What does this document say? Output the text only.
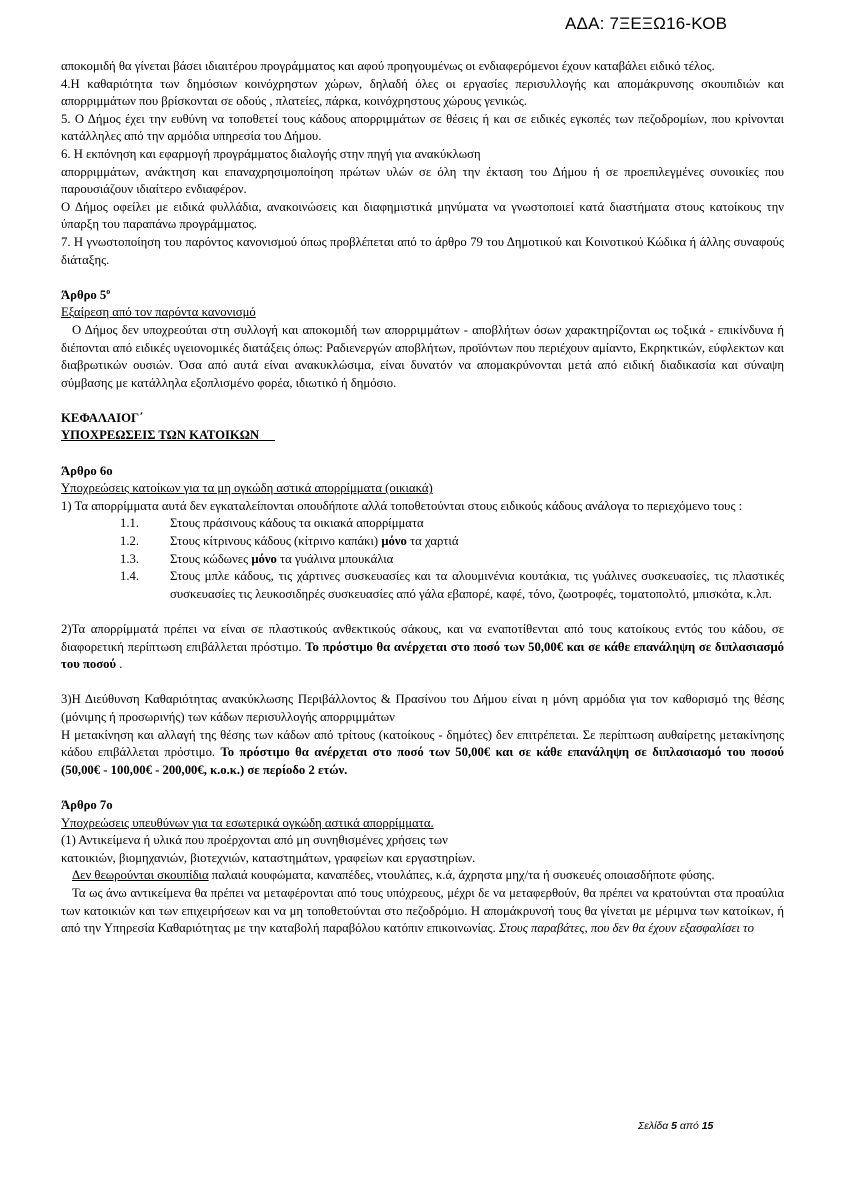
ΑΔΑ: 7ΞΕΞΩ16-ΚΟΒ

αποκομιδή θα γίνεται βάσει ιδιαιτέρου προγράμματος και αφού προηγουμένως οι ενδιαφερόμενοι έχουν καταβάλει ειδικό τέλος.

4.Η καθαριότητα των δημόσιων κοινόχρηστων χώρων, δηλαδή όλες οι εργασίες περισυλλογής και απομάκρυνσης σκουπιδιών και απορριμμάτων που βρίσκονται σε οδούς , πλατείες, πάρκα, κοινόχρηστους χώρους γενικώς.

5. Ο Δήμος έχει την ευθύνη να τοποθετεί τους κάδους απορριμμάτων σε θέσεις ή και σε ειδικές εγκοπές των πεζοδρομίων, που κρίνονται κατάλληλες από την αρμόδια υπηρεσία του Δήμου.

6. Η εκπόνηση και εφαρμογή προγράμματος διαλογής στην πηγή για ανακύκλωση

απορριμμάτων, ανάκτηση και επαναχρησιμοποίηση πρώτων υλών σε όλη την έκταση του Δήμου ή σε προεπιλεγμένες συνοικίες που παρουσιάζουν ιδιαίτερο ενδιαφέρον.

Ο Δήμος οφείλει με ειδικά φυλλάδια, ανακοινώσεις και διαφημιστικά μηνύματα να γνωστοποιεί κατά διαστήματα στους κατοίκους την ύπαρξη του παραπάνω προγράμματος.

7. Η γνωστοποίηση του παρόντος κανονισμού όπως προβλέπεται από το άρθρο 79 του Δημοτικού και Κοινοτικού Κώδικα ή άλλης συναφούς διάταξης.

Άρθρο $5^o$

Εξαίρεση από τον παρόντα κανονισμό

Ο Δήμος δεν υποχρεούται στη συλλογή και αποκομιδή των απορριμμάτων - αποβλήτων όσων χαρακτηρίζονται ως τοξικά - επικίνδυνα ή διέπονται από ειδικές υγειονομικές διατάξεις όπως: Ραδιενεργών αποβλήτων, προϊόντων που περιέχουν αμίαντο, Εκρηκτικών, εύφλεκτων και διαβρωτικών ουσιών. Όσα από αυτά είναι ανακυκλώσιμα, είναι δυνατόν να απομακρύνονται μετά από ειδική διαδικασία και σύναψη σύμβασης με κατάλληλα εξοπλισμένο φορέα, ιδιωτικό ή δημόσιο.

ΚΕΦΑΛΑΙΟΓ΄

ΥΠΟΧΡΕΩΣΕΙΣ ΤΩΝ ΚΑΤΟΙΚΩΝ

Άρθρο 6ο

Υποχρεώσεις κατοίκων για τα μη ογκώδη αστικά απορρίμματα (οικιακά)

1) Τα απορρίμματα αυτά δεν εγκαταλείπονται οπουδήποτε αλλά τοποθετούνται στους ειδικούς κάδους ανάλογα το περιεχόμενο τους :

1.1.	Στους πράσινους κάδους τα οικιακά απορρίμματα
1.2.	Στους κίτρινους κάδους (κίτρινο καπάκι) μόνο τα χαρτιά
1.3.	Στους κώδωνες μόνο τα γυάλινα μπουκάλια
1.4.	Στους μπλε κάδους, τις χάρτινες συσκευασίες και τα αλουμινένια κουτάκια, τις γυάλινες συσκευασίες, τις πλαστικές συσκευασίες τις λευκοσιδηρές συσκευασίες από γάλα εβαπορέ, καφέ, τόνο, ζωοτροφές, τοματοπολτό, μπισκότα, κ.λπ.

2)Τα απορρίμματά πρέπει να είναι σε πλαστικούς ανθεκτικούς σάκους, και να εναποτίθενται από τους κατοίκους εντός του κάδου, σε διαφορετική περίπτωση επιβάλλεται πρόστιμο. Το πρόστιμο θα ανέρχεται στο ποσό των 50,00€ και σε κάθε επανάληψη σε διπλασιασμό του ποσού .

3)Η Διεύθυνση Καθαριότητας ανακύκλωσης Περιβάλλοντος & Πρασίνου του Δήμου είναι η μόνη αρμόδια για τον καθορισμό της θέσης (μόνιμης ή προσωρινής) των κάδων περισυλλογής απορριμμάτων

Η μετακίνηση και αλλαγή της θέσης των κάδων από τρίτους (κατοίκους - δημότες) δεν επιτρέπεται. Σε περίπτωση αυθαίρετης μετακίνησης κάδου επιβάλλεται πρόστιμο. Το πρόστιμο θα ανέρχεται στο ποσό των 50,00€ και σε κάθε επανάληψη σε διπλασιασμό του ποσού (50,00€ - 100,00€ - 200,00€, κ.ο.κ.) σε περίοδο 2 ετών.

Άρθρο 7ο

Υποχρεώσεις υπευθύνων για τα εσωτερικά ογκώδη αστικά απορρίμματα.

(1) Αντικείμενα ή υλικά που προέρχονται από μη συνηθισμένες χρήσεις των

κατοικιών, βιομηχανιών, βιοτεχνιών, καταστημάτων, γραφείων και εργαστηρίων.

Δεν θεωρούνται σκουπίδια παλαιά κουφώματα, καναπέδες, ντουλάπες, κ.ά, άχρηστα μηχ/τα ή συσκευές οποιασδήποτε φύσης.

Τα ως άνω αντικείμενα θα πρέπει να μεταφέρονται από τους υπόχρεους, μέχρι δε να μεταφερθούν, θα πρέπει να κρατούνται στα προαύλια των κατοικιών και των επιχειρήσεων και να μη τοποθετούνται στο πεζοδρόμιο. Η απομάκρυνσή τους θα γίνεται με μέριμνα των κατοίκων, ή από την Υπηρεσία Καθαριότητας με την καταβολή παραβόλου κατόπιν επικοινωνίας. Στους παραβάτες, που δεν θα έχουν εξασφαλίσει το

Σελίδα 5 από 15
